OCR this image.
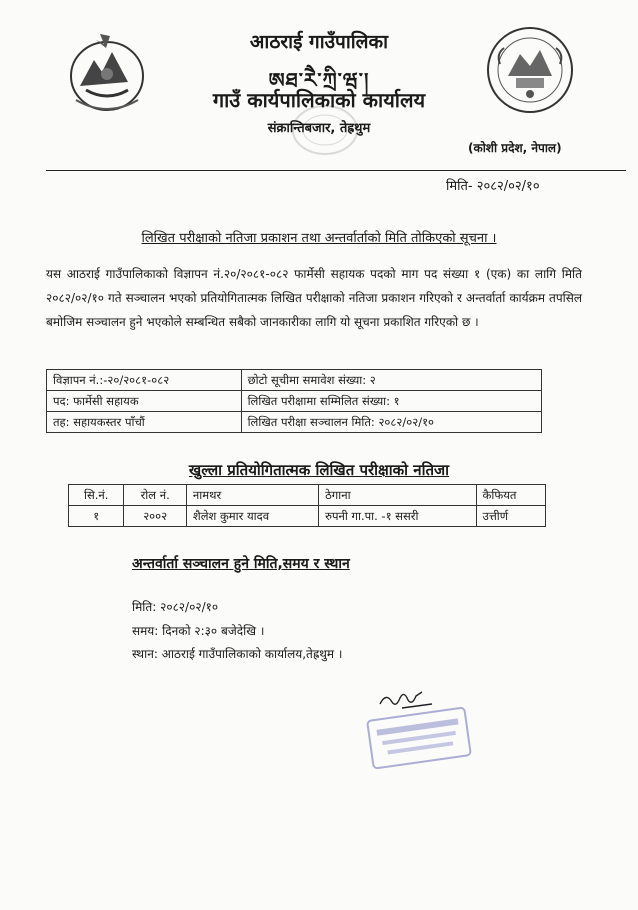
आठराई गाउँपालिका
ཨཐ༌རཻ༌ཀྲི༌ཝ༌།
गाउँ कार्यपालिकाको कार्यालय
संक्रान्तिबजार, तेह्रथुम
(कोशी प्रदेश, नेपाल)
मिति- २०८२/०२/१०
लिखित परीक्षाको नतिजा प्रकाशन तथा अन्तर्वार्ताको मिति तोकिएको सूचना ।
यस आठराई गाउँपालिकाको विज्ञापन नं.२०/२०८१-०८२ फार्मेसी सहायक पदको माग पद संख्या १ (एक) का लागि मिति २०८२/०२/१० गते सञ्चालन भएको प्रतियोगितात्मक लिखित परीक्षाको नतिजा प्रकाशन गरिएको र अन्तर्वार्ता कार्यक्रम तपसिल बमोजिम सञ्चालन हुने भएकोले सम्बन्धित सबैको जानकारीका लागि यो सूचना प्रकाशित गरिएको छ ।
विज्ञापन नं.:-२०/२०८१-०८२	छोटो सूचीमा समावेश संख्या: २
पद: फार्मेसी सहायक	लिखित परीक्षामा सम्मिलित संख्या: १
तह: सहायकस्तर पाँचौं	लिखित परीक्षा सञ्चालन मिति: २०८२/०२/१०
खुल्ला प्रतियोगितात्मक लिखित परीक्षाको नतिजा
सि.नं.	रोल नं.	नामथर	ठेगाना	कैफियत
१	२००२	शैलेश कुमार यादव	रुपनी गा.पा. -१ ससरी	उत्तीर्ण
अन्तर्वार्ता सञ्चालन हुने मिति,समय र स्थान
मिति: २०८२/०२/१०
समय: दिनको २:३० बजेदेखि ।
स्थान: आठराई गाउँपालिकाको कार्यालय,तेह्रथुम ।
